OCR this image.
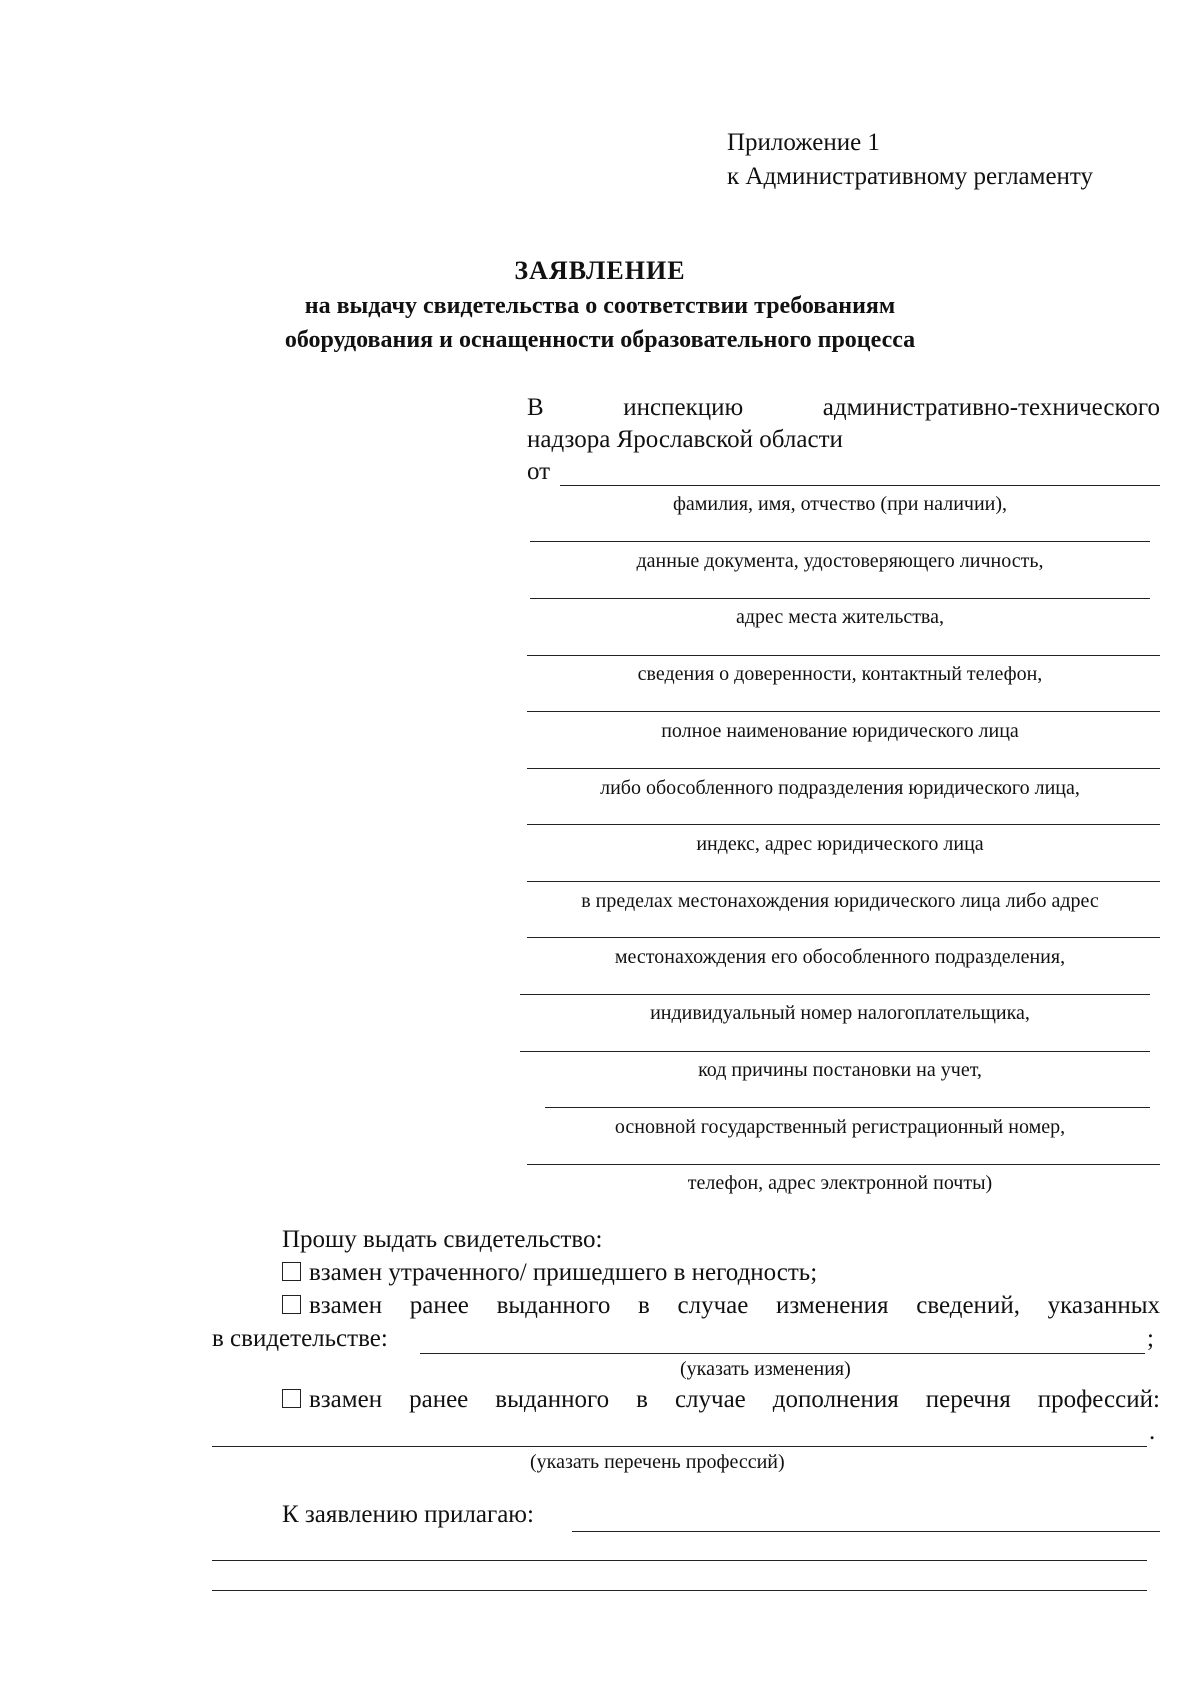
Приложение 1
к Административному регламенту
ЗАЯВЛЕНИЕ
на выдачу свидетельства о соответствии требованиям
оборудования и оснащенности образовательного процесса
В	инспекцию	административно-технического
надзора Ярославской области
от
фамилия, имя, отчество (при наличии),
данные документа, удостоверяющего личность,
адрес места жительства,
сведения о доверенности, контактный телефон,
полное наименование юридического лица
либо обособленного подразделения юридического лица,
индекс, адрес юридического лица
в пределах местонахождения юридического лица либо адрес
местонахождения его обособленного подразделения,
индивидуальный номер налогоплательщика,
код причины постановки на учет,
основной государственный регистрационный номер,
телефон, адрес электронной почты)
Прошу выдать свидетельство:
взамен утраченного/ пришедшего в негодность;
взамен ранее выданного в случае изменения сведений, указанных
в свидетельстве:	;
(указать изменения)
взамен ранее выданного в случае дополнения перечня профессий:
.
(указать перечень профессий)
К заявлению прилагаю:
